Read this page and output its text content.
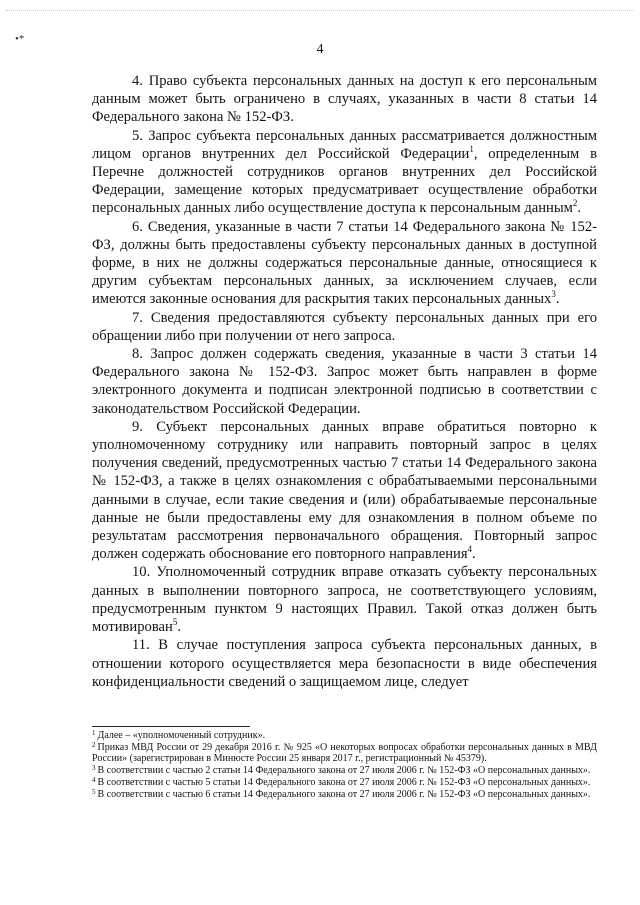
•*
4

4. Право субъекта персональных данных на доступ к его персональным данным может быть ограничено в случаях, указанных в части 8 статьи 14 Федерального закона № 152-ФЗ.

5. Запрос субъекта персональных данных рассматривается должностным лицом органов внутренних дел Российской Федерации$^1$, определенным в Перечне должностей сотрудников органов внутренних дел Российской Федерации, замещение которых предусматривает осуществление обработки персональных данных либо осуществление доступа к персональным данным$^2$.

6. Сведения, указанные в части 7 статьи 14 Федерального закона № 152-ФЗ, должны быть предоставлены субъекту персональных данных в доступной форме, в них не должны содержаться персональные данные, относящиеся к другим субъектам персональных данных, за исключением случаев, если имеются законные основания для раскрытия таких персональных данных$^3$.

7. Сведения предоставляются субъекту персональных данных при его обращении либо при получении от него запроса.

8. Запрос должен содержать сведения, указанные в части 3 статьи 14 Федерального закона № 152-ФЗ. Запрос может быть направлен в форме электронного документа и подписан электронной подписью в соответствии с законодательством Российской Федерации.

9. Субъект персональных данных вправе обратиться повторно к уполномоченному сотруднику или направить повторный запрос в целях получения сведений, предусмотренных частью 7 статьи 14 Федерального закона № 152-ФЗ, а также в целях ознакомления с обрабатываемыми персональными данными в случае, если такие сведения и (или) обрабатываемые персональные данные не были предоставлены ему для ознакомления в полном объеме по результатам рассмотрения первоначального обращения. Повторный запрос должен содержать обоснование его повторного направления$^4$.

10. Уполномоченный сотрудник вправе отказать субъекту персональных данных в выполнении повторного запроса, не соответствующего условиям, предусмотренным пунктом 9 настоящих Правил. Такой отказ должен быть мотивирован$^5$.

11. В случае поступления запроса субъекта персональных данных, в отношении которого осуществляется мера безопасности в виде обеспечения конфиденциальности сведений о защищаемом лице, следует

$^1$ Далее – «уполномоченный сотрудник».

$^2$ Приказ МВД России от 29 декабря 2016 г. № 925 «О некоторых вопросах обработки персональных данных в МВД России» (зарегистрирован в Минюсте России 25 января 2017 г., регистрационный № 45379).

$^3$ В соответствии с частью 2 статьи 14 Федерального закона от 27 июля 2006 г. № 152-ФЗ «О персональных данных».

$^4$ В соответствии с частью 5 статьи 14 Федерального закона от 27 июля 2006 г. № 152-ФЗ «О персональных данных».

$^5$ В соответствии с частью 6 статьи 14 Федерального закона от 27 июля 2006 г. № 152-ФЗ «О персональных данных».
